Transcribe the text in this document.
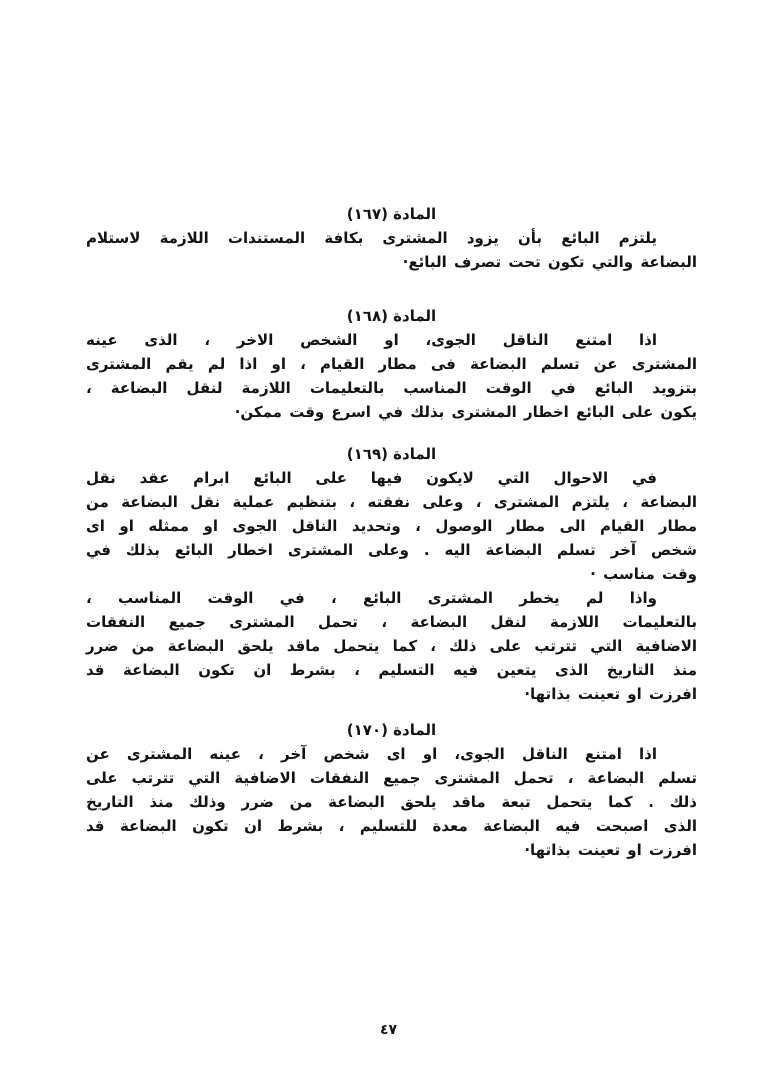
المادة (١٦٧)
يلتزم البائع بأن يزود المشترى بكافة المستندات اللازمة لاستلام
البضاعة والتي تكون تحت تصرف البائع·
المادة (١٦٨)
اذا امتنع الناقل الجوى، او الشخص الاخر ، الذى عينه
المشترى عن تسلم البضاعة فى مطار القيام ، او اذا لم يقم المشترى
بتزويد البائع في الوقت المناسب بالتعليمات اللازمة لنقل البضاعة ،
يكون على البائع اخطار المشترى بذلك في اسرع وقت ممكن·
المادة (١٦٩)
في الاحوال التي لايكون فيها على البائع ابرام عقد نقل
البضاعة ، يلتزم المشترى ، وعلى نفقته ، بتنظيم عملية نقل البضاعة من
مطار القيام الى مطار الوصول ، وتحديد الناقل الجوى او ممثله او اى
شخص آخر تسلم البضاعة اليه . وعلى المشترى اخطار البائع بذلك في
وقت مناسب ·
واذا لم يخطر المشترى البائع ، في الوقت المناسب ،
بالتعليمات اللازمة لنقل البضاعة ، تحمل المشترى جميع النفقات
الاضافية التي تترتب على ذلك ، كما يتحمل ماقد يلحق البضاعة من ضرر
منذ التاريخ الذى يتعين فيه التسليم ، بشرط ان تكون البضاعة قد
افرزت او تعينت بذاتها·
المادة (١٧٠)
اذا امتنع الناقل الجوى، او اى شخص آخر ، عينه المشترى عن
تسلم البضاعة ، تحمل المشترى جميع النفقات الاضافية التي تترتب على
ذلك . كما يتحمل تبعة ماقد يلحق البضاعة من ضرر وذلك منذ التاريخ
الذى اصبحت فيه البضاعة معدة للتسليم ، بشرط ان تكون البضاعة قد
افرزت او تعينت بذاتها·
٤٧
